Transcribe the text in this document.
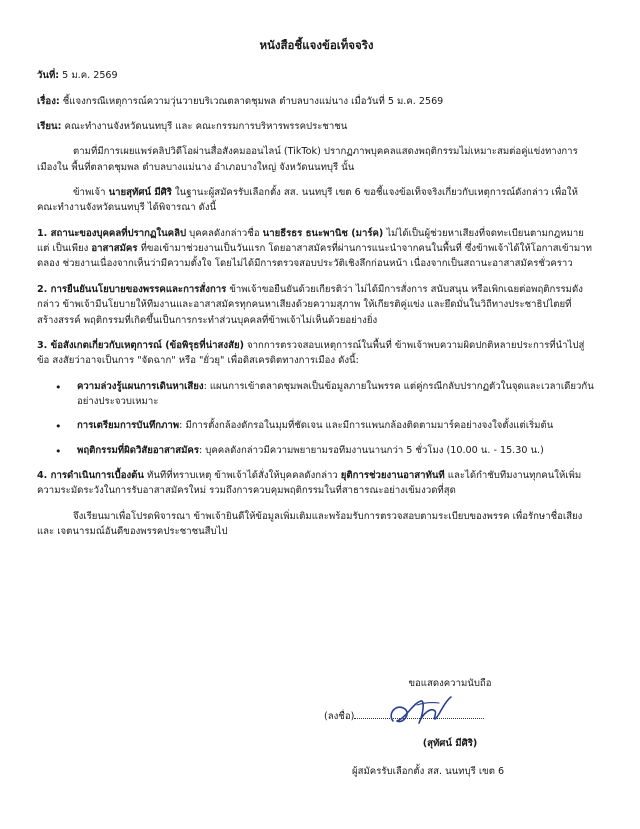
หนังสือชี้แจงข้อเท็จจริง
วันที่: 5 ม.ค. 2569
เรื่อง: ชี้แจงกรณีเหตุการณ์ความวุ่นวายบริเวณตลาดชุมพล ตำบลบางแม่นาง เมื่อวันที่ 5 ม.ค. 2569
เรียน: คณะทำงานจังหวัดนนทบุรี และ คณะกรรมการบริหารพรรคประชาชน

ตามที่มีการเผยแพร่คลิปวิดีโอผ่านสื่อสังคมออนไลน์ (TikTok) ปรากฏภาพบุคคลแสดงพฤติกรรมไม่เหมาะสมต่อคู่แข่งทางการเมืองใน พื้นที่ตลาดชุมพล ตำบลบางแม่นาง อำเภอบางใหญ่ จังหวัดนนทบุรี นั้น

ข้าพเจ้า นายสุทัศน์ มีศิริ ในฐานะผู้สมัครรับเลือกตั้ง สส. นนทบุรี เขต 6 ขอชี้แจงข้อเท็จจริงเกี่ยวกับเหตุการณ์ดังกล่าว เพื่อให้ คณะทำงานจังหวัดนนทบุรี ได้พิจารณา ดังนี้

1. สถานะของบุคคลที่ปรากฏในคลิป บุคคลดังกล่าวชื่อ นายธีรธร ธนะพานิช (มาร์ค) ไม่ได้เป็นผู้ช่วยหาเสียงที่จดทะเบียนตามกฎหมาย แต่ เป็นเพียง อาสาสมัคร ที่ขอเข้ามาช่วยงานเป็นวันแรก โดยอาสาสมัครที่ผ่านการแนะนำจากคนในพื้นที่ ซึ่งข้าพเจ้าได้ให้โอกาสเข้ามาทดลอง ช่วยงานเนื่องจากเห็นว่ามีความตั้งใจ โดยไม่ได้มีการตรวจสอบประวัติเชิงลึกก่อนหน้า เนื่องจากเป็นสถานะอาสาสมัครชั่วคราว

2. การยืนยันนโยบายของพรรคและการสั่งการ ข้าพเจ้าขอยืนยันด้วยเกียรติว่า ไม่ได้มีการสั่งการ สนับสนุน หรือเพิกเฉยต่อพฤติกรรมดังกล่าว ข้าพเจ้ามีนโยบายให้ทีมงานและอาสาสมัครทุกคนหาเสียงด้วยความสุภาพ ให้เกียรติคู่แข่ง และยึดมั่นในวิถีทางประชาธิปไตยที่สร้างสรรค์ พฤติกรรมที่เกิดขึ้นเป็นการกระทำส่วนบุคคลที่ข้าพเจ้าไม่เห็นด้วยอย่างยิ่ง

3. ข้อสังเกตเกี่ยวกับเหตุการณ์ (ข้อพิรุธที่น่าสงสัย) จากการตรวจสอบเหตุการณ์ในพื้นที่ ข้าพเจ้าพบความผิดปกติหลายประการที่นำไปสู่ข้อ สงสัยว่าอาจเป็นการ "จัดฉาก" หรือ "ยั่วยุ" เพื่อดิสเครดิตทางการเมือง ดังนี้:

• ความล่วงรู้แผนการเดินหาเสียง: แผนการเข้าตลาดชุมพลเป็นข้อมูลภายในพรรค แต่คู่กรณีกลับปรากฏตัวในจุดและเวลาเดียวกัน อย่างประจวบเหมาะ
• การเตรียมการบันทึกภาพ: มีการตั้งกล้องดักรอในมุมที่ชัดเจน และมีการแพนกล้องติดตามมาร์คอย่างจงใจตั้งแต่เริ่มต้น
• พฤติกรรมที่ผิดวิสัยอาสาสมัคร: บุคคลดังกล่าวมีความพยายามรอทีมงานนานกว่า 5 ชั่วโมง (10.00 น. - 15.30 น.)

4. การดำเนินการเบื้องต้น ทันทีที่ทราบเหตุ ข้าพเจ้าได้สั่งให้บุคคลดังกล่าว ยุติการช่วยงานอาสาทันที และได้กำชับทีมงานทุกคนให้เพิ่ม ความระมัดระวังในการรับอาสาสมัครใหม่ รวมถึงการควบคุมพฤติกรรมในที่สาธารณะอย่างเข้มงวดที่สุด

จึงเรียนมาเพื่อโปรดพิจารณา ข้าพเจ้ายินดีให้ข้อมูลเพิ่มเติมและพร้อมรับการตรวจสอบตามระเบียบของพรรค เพื่อรักษาชื่อเสียงและ เจตนารมณ์อันดีของพรรคประชาชนสืบไป

ขอแสดงความนับถือ
(ลงชื่อ)
(สุทัศน์ มีศิริ)
ผู้สมัครรับเลือกตั้ง สส. นนทบุรี เขต 6
